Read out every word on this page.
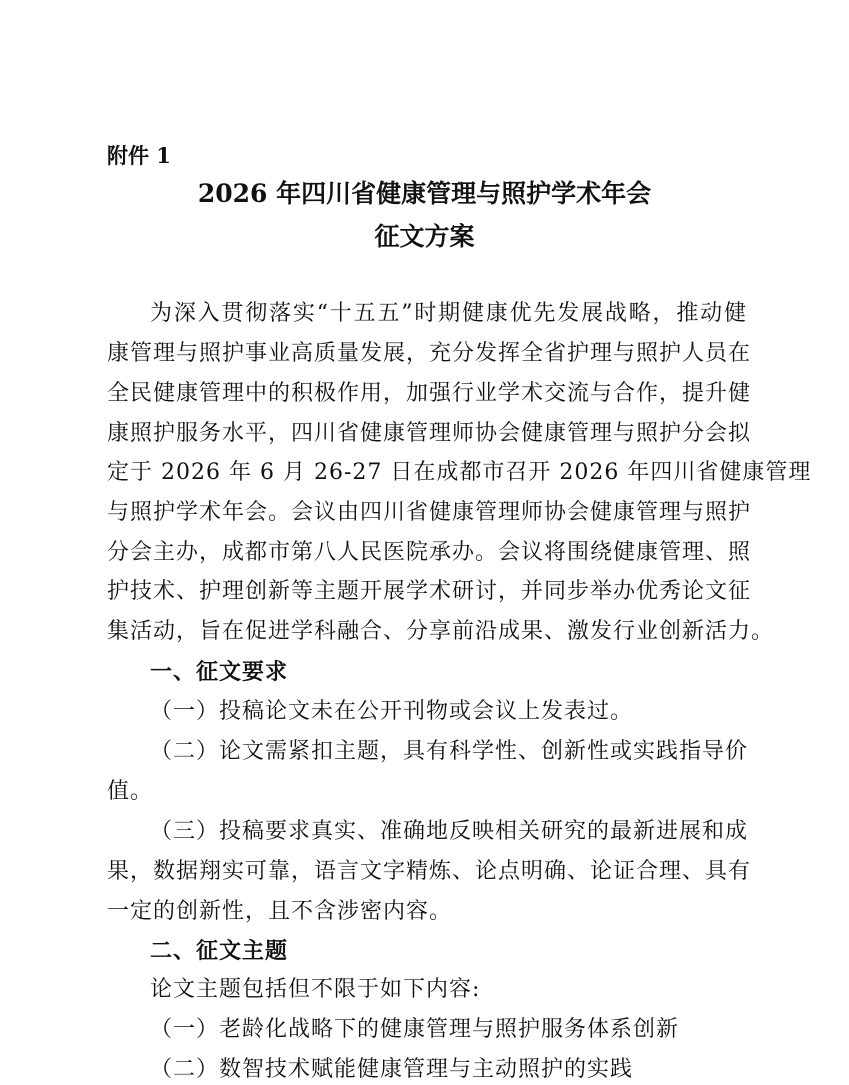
附件 1
2026 年四川省健康管理与照护学术年会
征文方案
为深入贯彻落实“十五五”时期健康优先发展战略，推动健
康管理与照护事业高质量发展，充分发挥全省护理与照护人员在
全民健康管理中的积极作用，加强行业学术交流与合作，提升健
康照护服务水平，四川省健康管理师协会健康管理与照护分会拟
定于 2026 年 6 月 26-27 日在成都市召开 2026 年四川省健康管理
与照护学术年会。会议由四川省健康管理师协会健康管理与照护
分会主办，成都市第八人民医院承办。会议将围绕健康管理、照
护技术、护理创新等主题开展学术研讨，并同步举办优秀论文征
集活动，旨在促进学科融合、分享前沿成果、激发行业创新活力。
一、征文要求
（一）投稿论文未在公开刊物或会议上发表过。
（二）论文需紧扣主题，具有科学性、创新性或实践指导价
值。
（三）投稿要求真实、准确地反映相关研究的最新进展和成
果，数据翔实可靠，语言文字精炼、论点明确、论证合理、具有
一定的创新性，且不含涉密内容。
二、征文主题
论文主题包括但不限于如下内容:
（一）老龄化战略下的健康管理与照护服务体系创新
（二）数智技术赋能健康管理与主动照护的实践
